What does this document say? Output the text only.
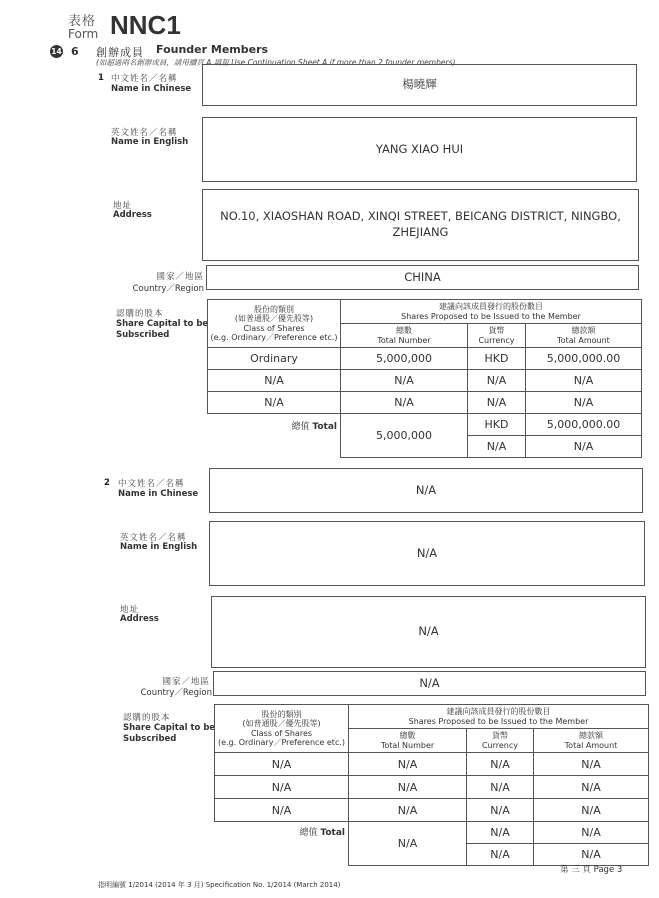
表格
Form NNC1
14 6 創辦成員 Founder Members
(如超過兩名創辦成員，請用續頁 A 填報 Use Continuation Sheet A if more than 2 founder members)
1 中文姓名／名稱
Name in Chinese	楊曉輝
英文姓名／名稱
Name in English	YANG XIAO HUI
地址
Address	NO.10, XIAOSHAN ROAD, XINQI STREET, BEICANG DISTRICT, NINGBO, ZHEJIANG
國家／地區
Country／Region
CHINA
認購的股本
Share Capital to be
Subscribed
股份的類別
(如普通股／優先股等)
Class of Shares
(e.g. Ordinary／Preference etc.)	建議向該成員發行的股份數目
Shares Proposed to be Issued to the Member		
	總數
Total Number	貨幣
Currency	總款額
Total Amount
Ordinary	5,000,000	HKD	5,000,000.00
N/A	N/A	N/A	N/A
N/A	N/A	N/A	N/A
總值 Total	5,000,000	HKD	5,000,000.00
		N/A	N/A
2 中文姓名／名稱
Name in Chinese	N/A
英文姓名／名稱
Name in English	N/A
地址
Address
N/A
國家／地區
Country／Region
N/A
認購的股本
Share Capital to be
Subscribed
股份的類別
(如普通股／優先股等)
Class of Shares
(e.g. Ordinary／Preference etc.)	建議向該成員發行的股份數目
Shares Proposed to be Issued to the Member		
	總數
Total Number	貨幣
Currency	總款額
Total Amount
N/A	N/A	N/A	N/A
N/A	N/A	N/A	N/A
N/A	N/A	N/A	N/A
總值 Total	N/A	N/A	N/A
		N/A	N/A
第 三 頁 Page 3
指明編號 1/2014 (2014 年 3 月) Specification No. 1/2014 (March 2014)
